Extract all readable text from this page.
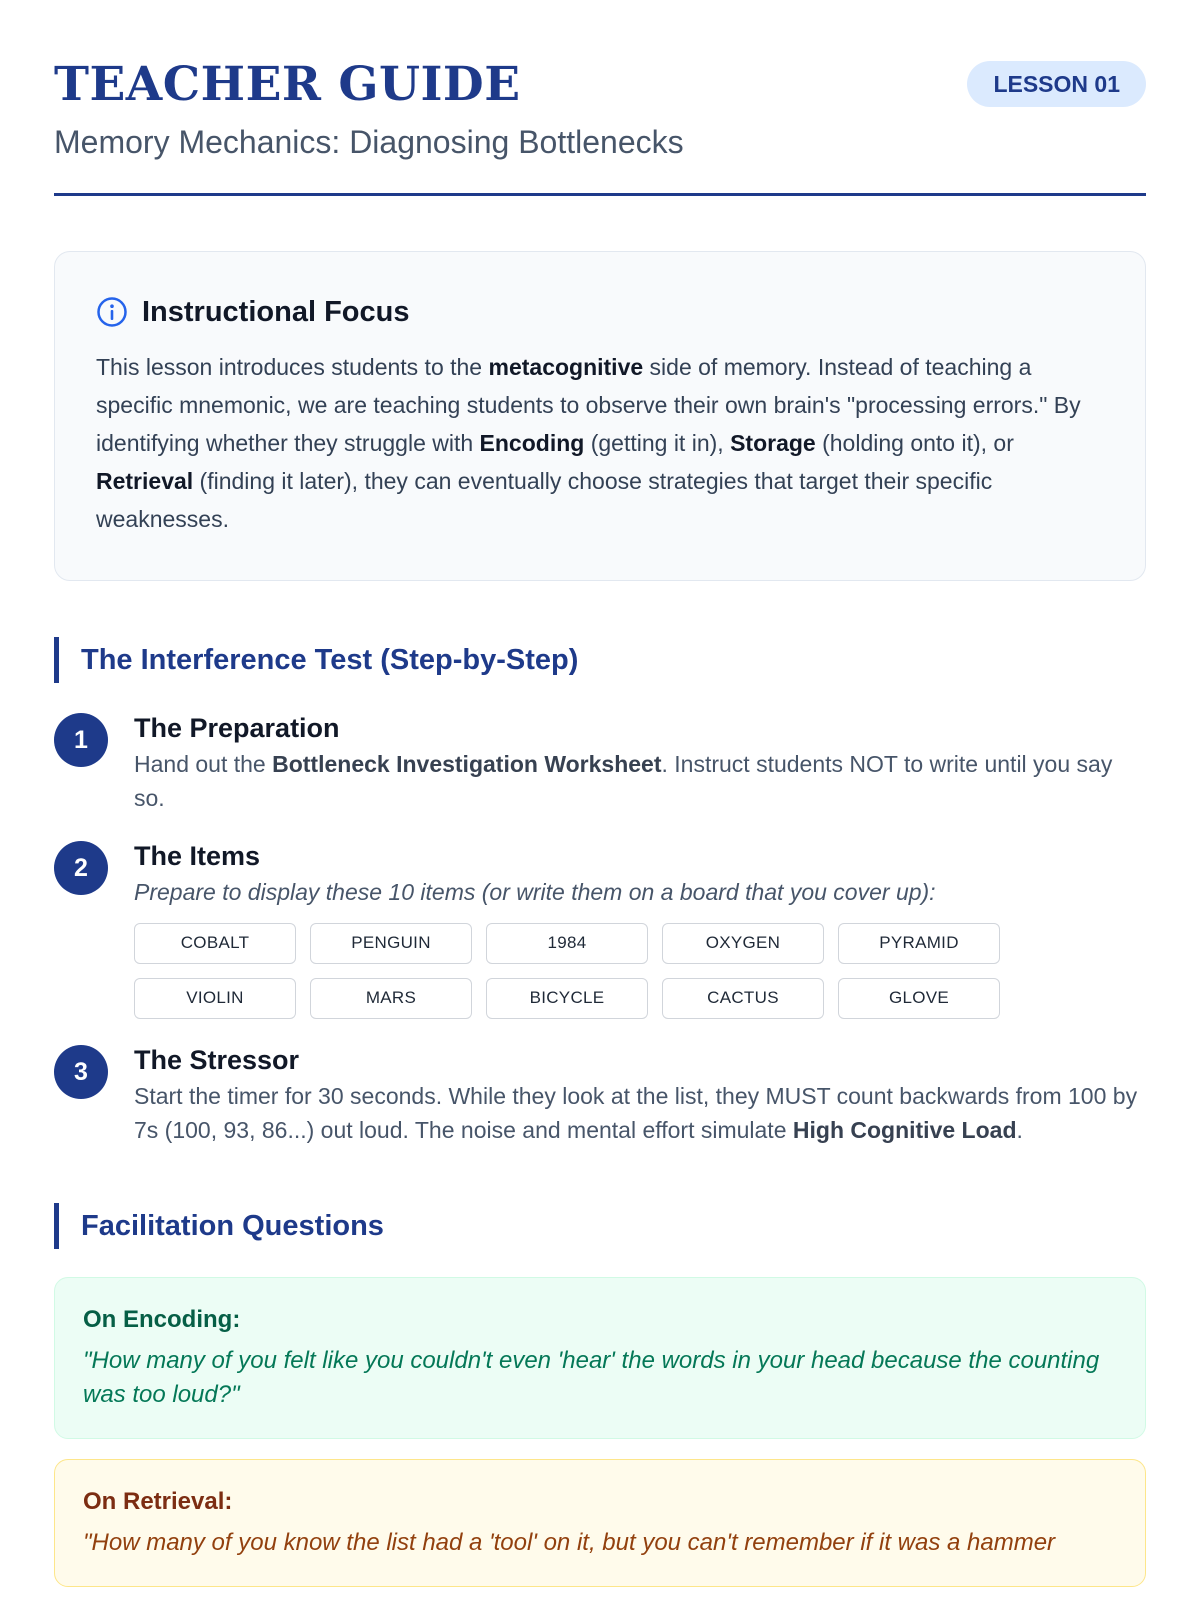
TEACHER GUIDE
Memory Mechanics: Diagnosing Bottlenecks
LESSON 01
Instructional Focus

This lesson introduces students to the metacognitive side of memory. Instead of teaching a specific mnemonic, we are teaching students to observe their own brain's "processing errors." By identifying whether they struggle with Encoding (getting it in), Storage (holding onto it), or Retrieval (finding it later), they can eventually choose strategies that target their specific weaknesses.

The Interference Test (Step-by-Step)
1	The Preparation
Hand out the Bottleneck Investigation Worksheet. Instruct students NOT to write until you say so.
2	The Items
Prepare to display these 10 items (or write them on a board that you cover up):
COBALT	PENGUIN	1984	OXYGEN	PYRAMID
VIOLIN	MARS	BICYCLE	CACTUS	GLOVE
3	The Stressor
Start the timer for 30 seconds. While they look at the list, they MUST count backwards from 100 by 7s (100, 93, 86...) out loud. The noise and mental effort simulate High Cognitive Load.
Facilitation Questions
On Encoding:
"How many of you felt like you couldn't even 'hear' the words in your head because the counting was too loud?"
On Retrieval:
"How many of you know the list had a 'tool' on it, but you can't remember if it was a hammer
